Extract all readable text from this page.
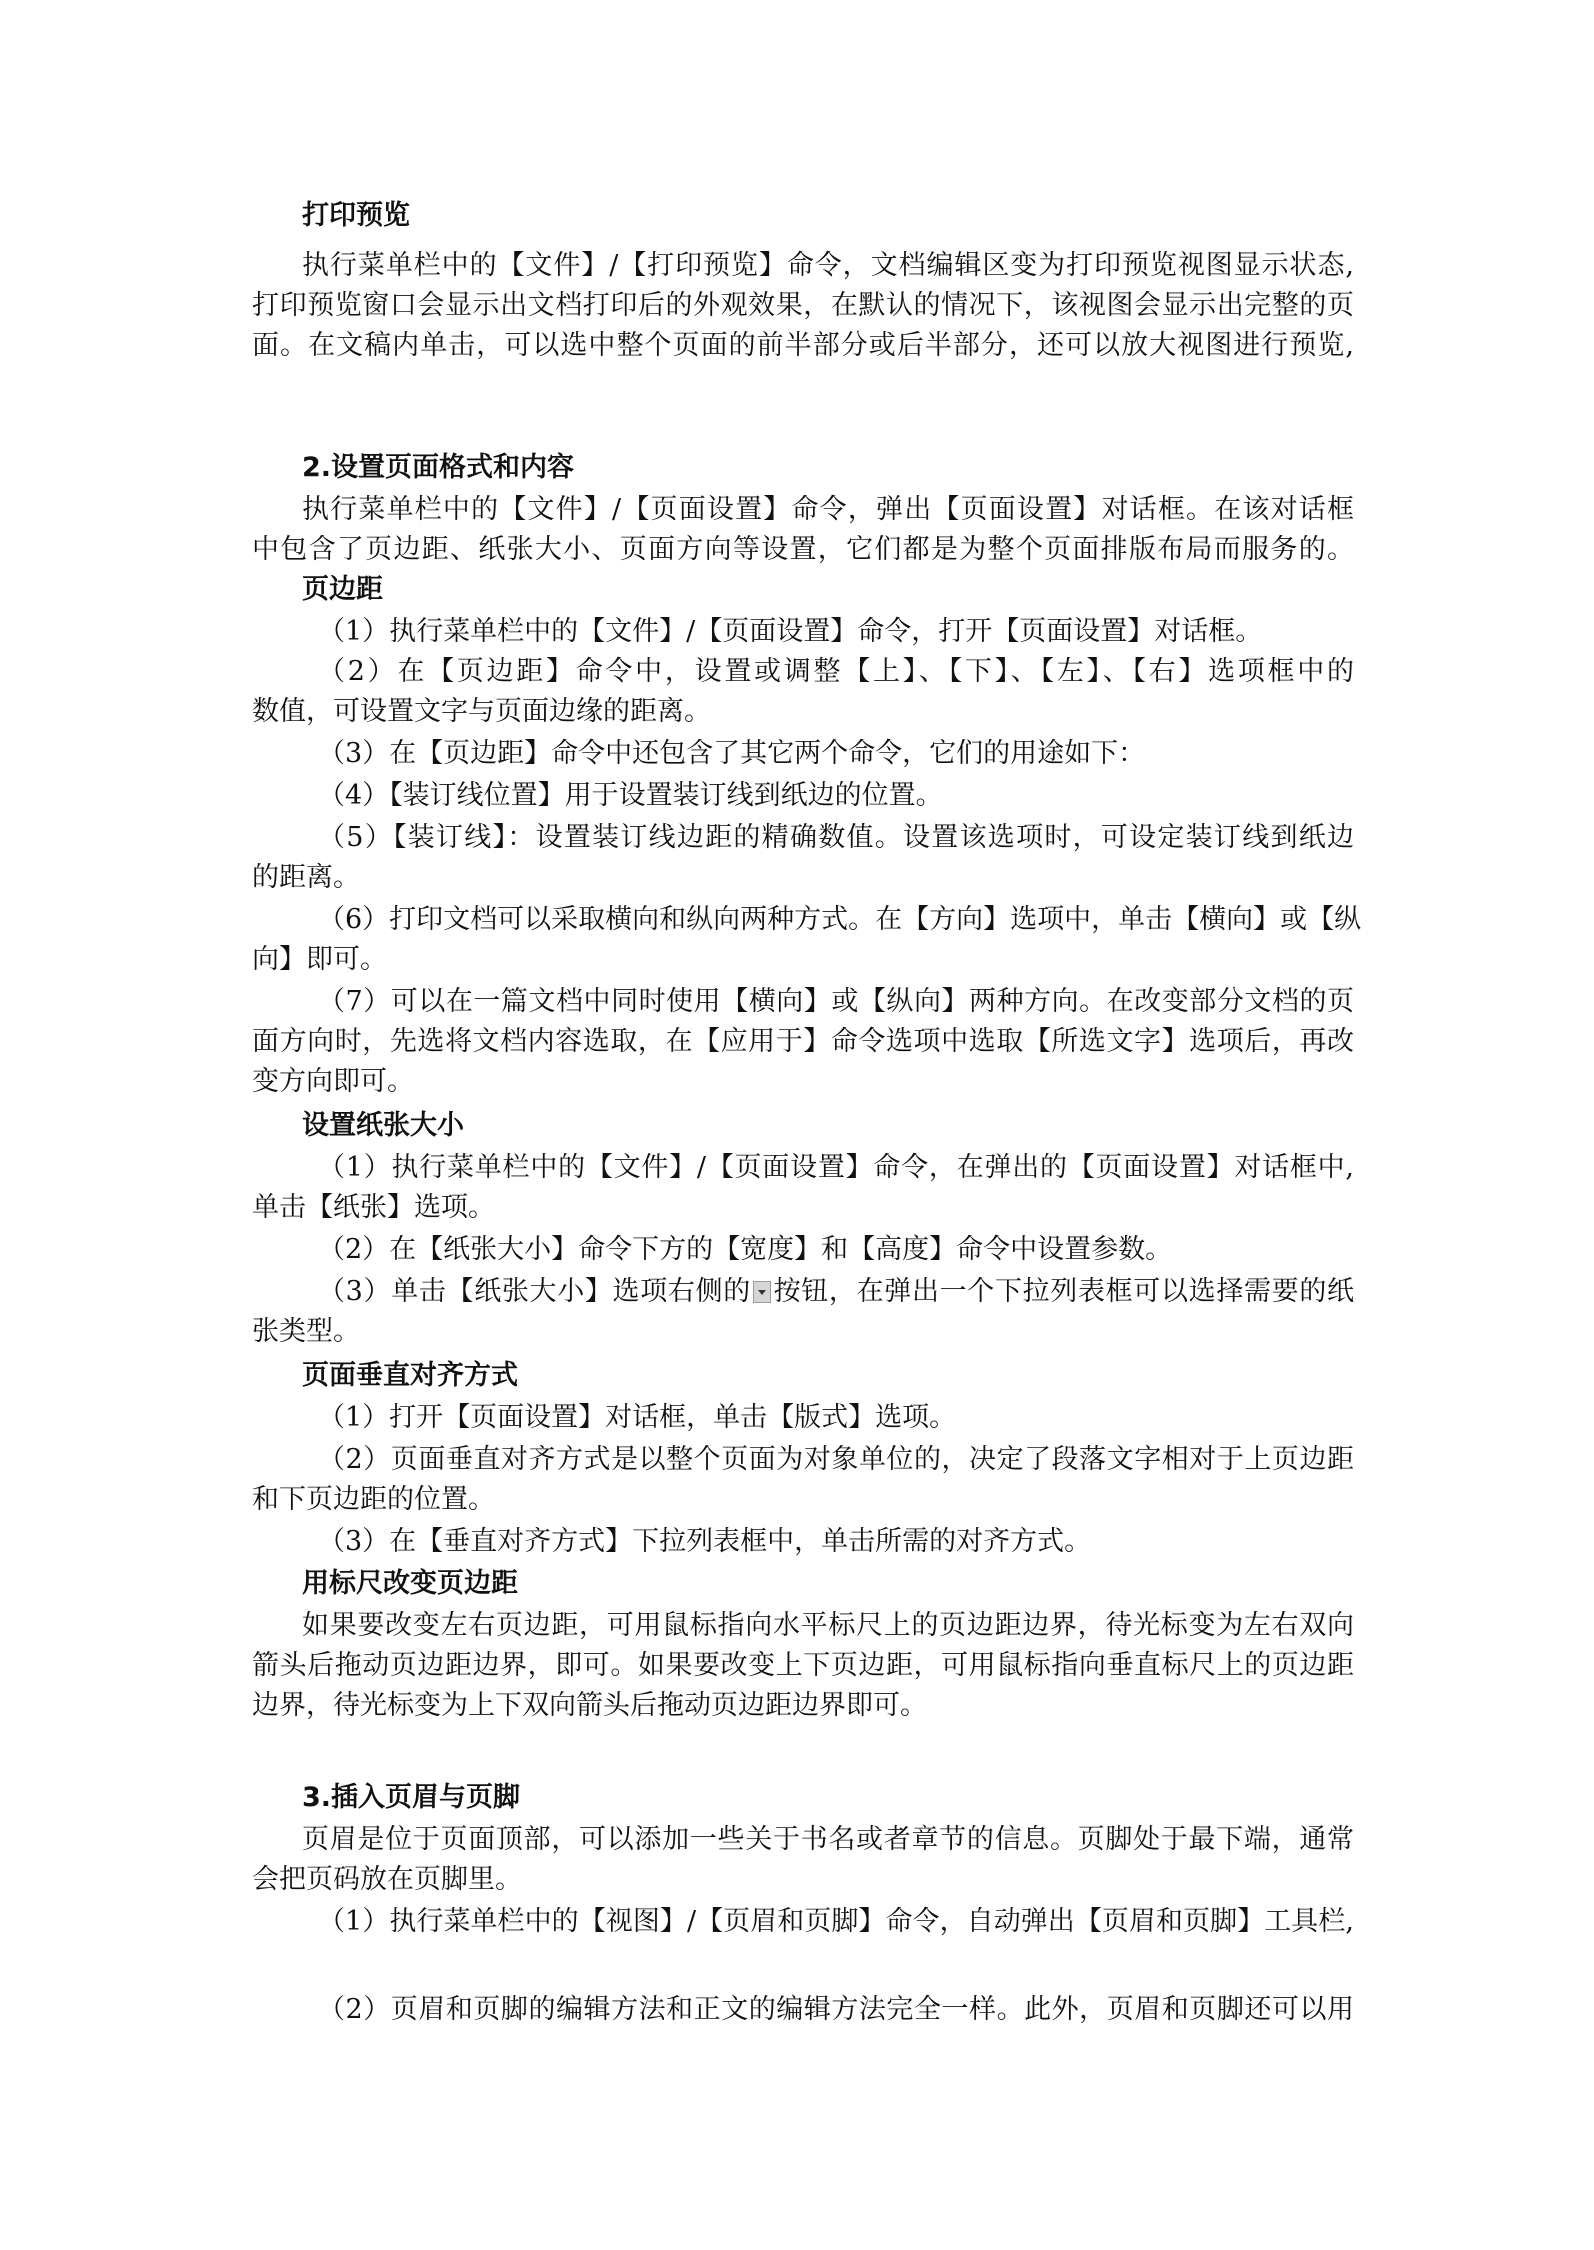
打印预览
执行菜单栏中的【文件】/【打印预览】命令，文档编辑区变为打印预览视图显示状态,
打印预览窗口会显示出文档打印后的外观效果，在默认的情况下，该视图会显示出完整的页
面。在文稿内单击，可以选中整个页面的前半部分或后半部分，还可以放大视图进行预览,
2.设置页面格式和内容
执行菜单栏中的【文件】/【页面设置】命令，弹出【页面设置】对话框。在该对话框
中包含了页边距、纸张大小、页面方向等设置，它们都是为整个页面排版布局而服务的。
页边距
（1）执行菜单栏中的【文件】/【页面设置】命令，打开【页面设置】对话框。
（2）在【页边距】命令中，设置或调整【上】、【下】、【左】、【右】选项框中的
数值，可设置文字与页面边缘的距离。
（3）在【页边距】命令中还包含了其它两个命令，它们的用途如下：
（4）【装订线位置】用于设置装订线到纸边的位置。
（5）【装订线】：设置装订线边距的精确数值。设置该选项时，可设定装订线到纸边
的距离。
（6）打印文档可以采取横向和纵向两种方式。在【方向】选项中，单击【横向】或【纵
向】即可。
（7）可以在一篇文档中同时使用【横向】或【纵向】两种方向。在改变部分文档的页
面方向时，先选将文档内容选取，在【应用于】命令选项中选取【所选文字】选项后，再改
变方向即可。
设置纸张大小
（1）执行菜单栏中的【文件】/【页面设置】命令，在弹出的【页面设置】对话框中,
单击【纸张】选项。
（2）在【纸张大小】命令下方的【宽度】和【高度】命令中设置参数。
（3）单击【纸张大小】选项右侧的 按钮，在弹出一个下拉列表框可以选择需要的纸
张类型。
页面垂直对齐方式
（1）打开【页面设置】对话框，单击【版式】选项。
（2）页面垂直对齐方式是以整个页面为对象单位的，决定了段落文字相对于上页边距
和下页边距的位置。
（3）在【垂直对齐方式】下拉列表框中，单击所需的对齐方式。
用标尺改变页边距
如果要改变左右页边距，可用鼠标指向水平标尺上的页边距边界，待光标变为左右双向
箭头后拖动页边距边界，即可。如果要改变上下页边距，可用鼠标指向垂直标尺上的页边距
边界，待光标变为上下双向箭头后拖动页边距边界即可。
3.插入页眉与页脚
页眉是位于页面顶部，可以添加一些关于书名或者章节的信息。页脚处于最下端，通常
会把页码放在页脚里。
（1）执行菜单栏中的【视图】/【页眉和页脚】命令，自动弹出【页眉和页脚】工具栏,
（2）页眉和页脚的编辑方法和正文的编辑方法完全一样。此外，页眉和页脚还可以用
